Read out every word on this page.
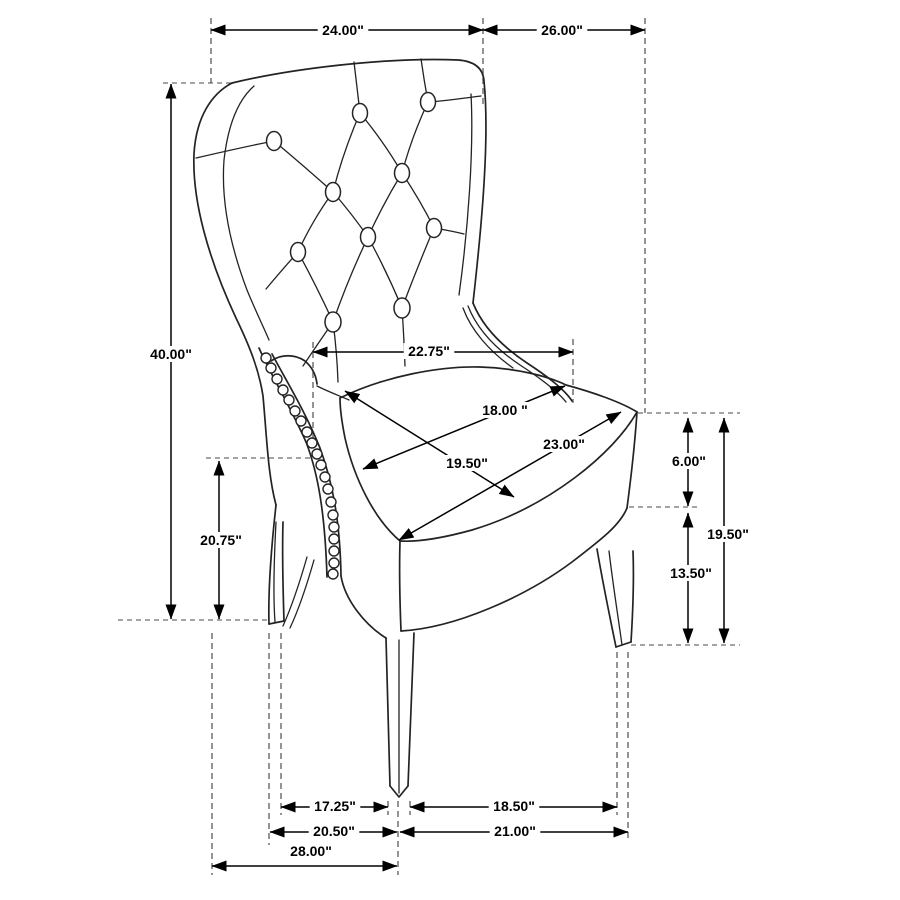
24.00"	26.00"
40.00"
20.75"
22.75"
18.00 "
23.00"
19.50"	6.00"
13.50"
19.50"
17.25"	18.50"
20.50"	21.00"
28.00"
